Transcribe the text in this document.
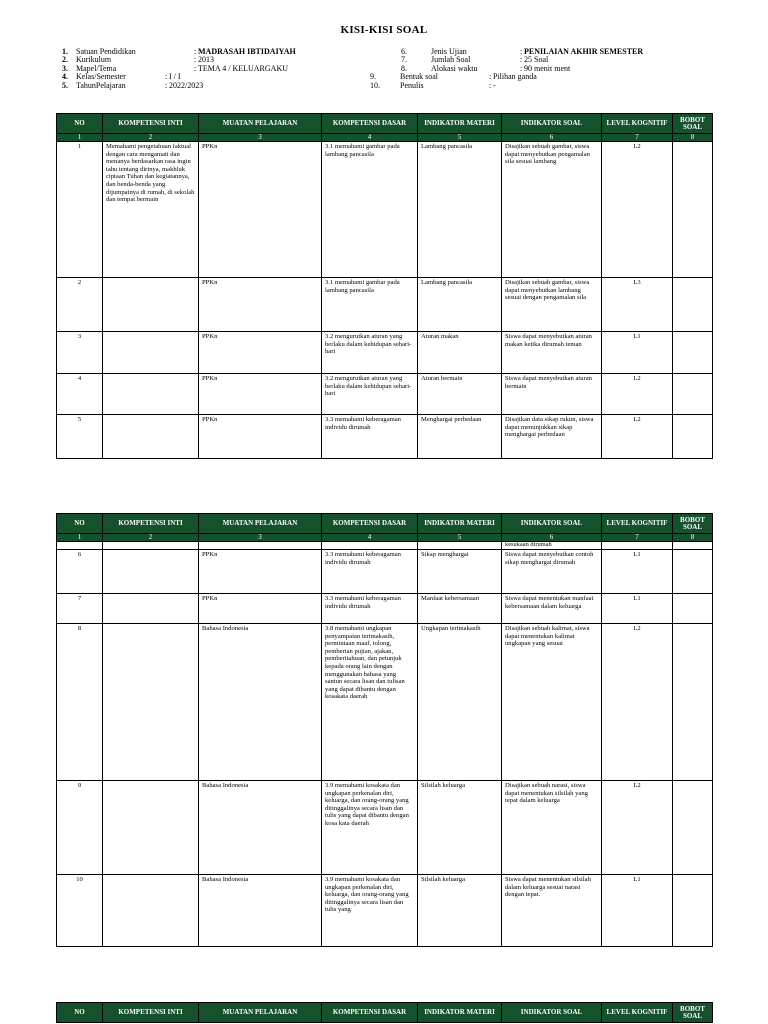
KISI-KISI SOAL
1. Satuan Pendidikan	: MADRASAH IBTIDAIYAH
2. Kurikulum	: 2013
3. Mapel/Tema	: TEMA 4 / KELUARGAKU
4. Kelas/Semester	: I / I
5. TahunPelajaran	: 2022/2023
6.	Jenis Ujian	: PENILAIAN AKHIR SEMESTER
7.	Jumlah Soal	: 25 Soal
8.	Alokasi waktu	: 90 menit ment
9.	Bentuk soal	: Pilihan ganda
10.	Penulis	: -
NO	KOMPETENSI INTI	MUATAN PELAJARAN	KOMPETENSI DASAR	INDIKATOR MATERI	INDIKATOR SOAL	LEVEL KOGNITIF	BOBOT SOAL
1	2	3	4	5	6	7	8
1	Memahami pengetahuan faktual dengan cara mengamati dan menanya berdasarkan rasa ingin tahu tentang dirinya, makhluk ciptaan Tuhan dan kegiatannya, dan benda-benda yang dijumpainya di rumah, di sekolah dan tempat bermain	PPKn	3.1 memahami gambar pada lambang pancasila	Lambang pancasila	Disajikan sebuah gambar, siswa dapat menyebutkan pengamalan sila sesuai lambang	L2	
2		PPKn	3.1 memahami gambar pada lambang pancasila	Lambang pancasila	Disajikan sebuah gambar, siswa dapat menyebutkan lambang sesuai dengan pengamalan sila	L3	
3		PPKn	3.2 mengurutkan aturan yang berlaku dalam kehidupan sehari-hari	Aturan makan	Siswa dapat menyebutkan aturan makan ketika dirumah teman	L1	
4		PPKn	3.2 mengurutkan aturan yang berlaku dalam kehidupan sehari-hari	Aturan bermain	Siswa dapat menyebutkan aturan bermain	L2	
5		PPKn	3.3 memahami keberagaman individu dirumah	Menghargai perbedaan	Disajikan data sikap rukun, siswa dapat menunjukkan sikap menghargai perbedaan	L2	
NO	KOMPETENSI INTI	MUATAN PELAJARAN	KOMPETENSI DASAR	INDIKATOR MATERI	INDIKATOR SOAL	LEVEL KOGNITIF	BOBOT SOAL
1	2	3	4	5	6	7	8
					kesukaan dirumah		
6		PPKn	3.3 memahami keberagaman individu dirumah	Sikap menghargai	Siswa dapat menyebutkan contoh sikap menghargai dirumah	L1	
7		PPKn	3.3 memahami keberagaman individu dirumah	Manfaat kebersamaan	Siswa dapat menentukan manfaat kebersamaan dalam keluarga	L1	
8		Bahasa Indonesia	3.8 memahami ungkapan penyampaian terimakasih, permintaan maaf, tolong, pemberian pujian, ajakan, pemberitahuan, dan petunjuk kepada orang lain dengan menggunakan bahasa yang santun secara lisan dan tulisan yang dapat dibantu dengan kosakata daerah	Ungkapan terimakasih	Disajikan sebuah kalimat, siswa dapat menentukan kalimat ungkapan yang sesuai	L2	
9		Bahasa Indonesia	3.9 memahami kosakata dan ungkapan perkenalan diri, keluarga, dan orang-orang yang ditinggalinya secara lisan dan tulis yang dapat dibantu dengan kosa kata daerah	Silsilah keluarga	Disajikan sebuah narasi, siswa dapat menentukan silsilah yang tepat dalam keluarga	L2	
10		Bahasa Indonesia	3.9 memahami kosakata dan ungkapan perkenalan diri, keluarga, dan orang-orang yang ditinggalinya secara lisan dan tulis yang	Silsilah keluarga	Siswa dapat menentukan silsilah dalam keluarga sesuai narasi dengan tepat.	L1	
NO	KOMPETENSI INTI	MUATAN PELAJARAN	KOMPETENSI DASAR	INDIKATOR MATERI	INDIKATOR SOAL	LEVEL KOGNITIF	BOBOT SOAL
